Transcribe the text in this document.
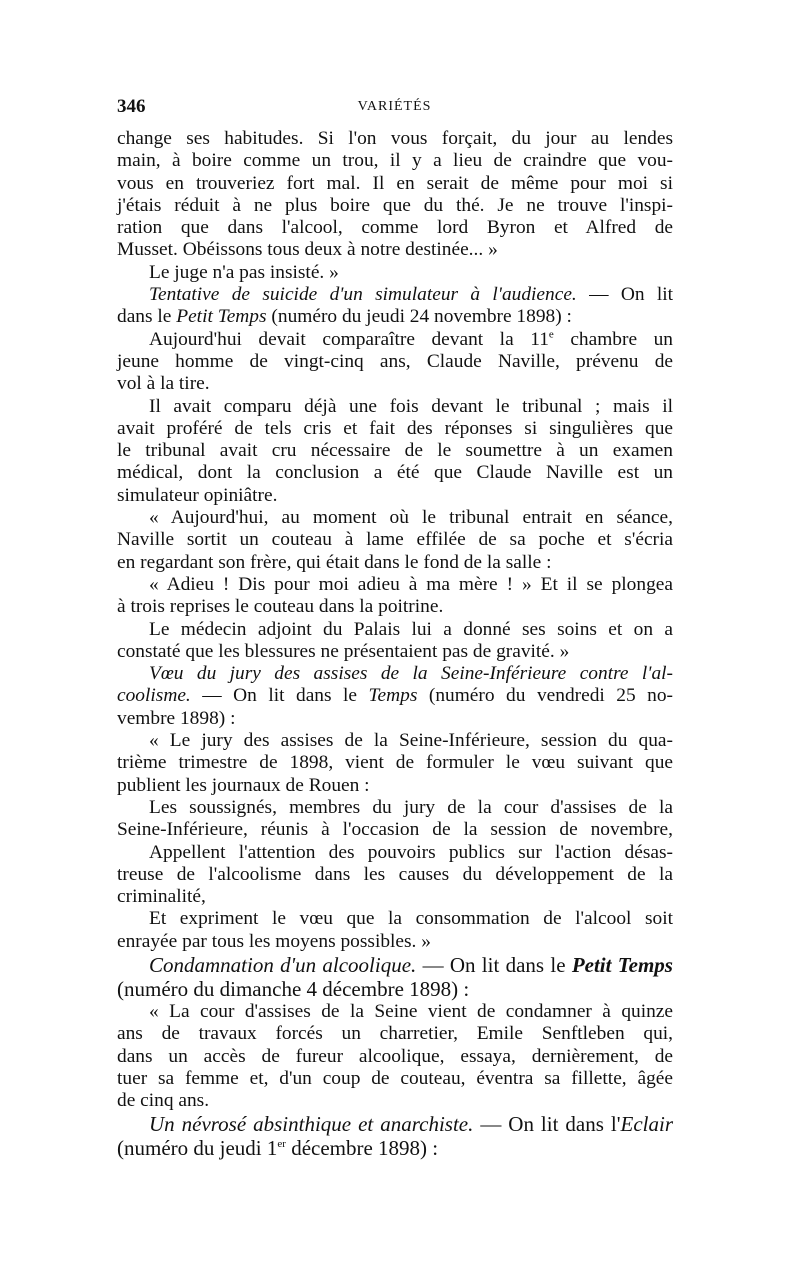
346	VARIÉTÉS

change ses habitudes. Si l'on vous forçait, du jour au lendes
main, à boire comme un trou, il y a lieu de craindre que vou-
vous en trouveriez fort mal. Il en serait de même pour moi si
j'étais réduit à ne plus boire que du thé. Je ne trouve l'inspi-
ration que dans l'alcool, comme lord Byron et Alfred de
Musset. Obéissons tous deux à notre destinée... »

Le juge n'a pas insisté. »

Tentative de suicide d'un simulateur à l'audience. — On lit
dans le Petit Temps (numéro du jeudi 24 novembre 1898) :

Aujourd'hui devait comparaître devant la 11e chambre un
jeune homme de vingt-cinq ans, Claude Naville, prévenu de
vol à la tire.

Il avait comparu déjà une fois devant le tribunal ; mais il
avait proféré de tels cris et fait des réponses si singulières que
le tribunal avait cru nécessaire de le soumettre à un examen
médical, dont la conclusion a été que Claude Naville est un
simulateur opiniâtre.

« Aujourd'hui, au moment où le tribunal entrait en séance,
Naville sortit un couteau à lame effilée de sa poche et s'écria
en regardant son frère, qui était dans le fond de la salle :

« Adieu ! Dis pour moi adieu à ma mère ! » Et il se plongea
à trois reprises le couteau dans la poitrine.

Le médecin adjoint du Palais lui a donné ses soins et on a
constaté que les blessures ne présentaient pas de gravité. »

Vœu du jury des assises de la Seine-Inférieure contre l'al-
coolisme. — On lit dans le Temps (numéro du vendredi 25 no-
vembre 1898) :

« Le jury des assises de la Seine-Inférieure, session du qua-
trième trimestre de 1898, vient de formuler le vœu suivant que
publient les journaux de Rouen :

Les soussignés, membres du jury de la cour d'assises de la
Seine-Inférieure, réunis à l'occasion de la session de novembre,

Appellent l'attention des pouvoirs publics sur l'action désas-
treuse de l'alcoolisme dans les causes du développement de la
criminalité,

Et expriment le vœu que la consommation de l'alcool soit
enrayée par tous les moyens possibles. »

Condamnation d'un alcoolique. — On lit dans le Petit Temps
(numéro du dimanche 4 décembre 1898) :

« La cour d'assises de la Seine vient de condamner à quinze
ans de travaux forcés un charretier, Emile Senftleben qui,
dans un accès de fureur alcoolique, essaya, dernièrement, de
tuer sa femme et, d'un coup de couteau, éventra sa fillette, âgée
de cinq ans.

Un névrosé absinthique et anarchiste. — On lit dans l'Eclair
(numéro du jeudi 1er décembre 1898) :
